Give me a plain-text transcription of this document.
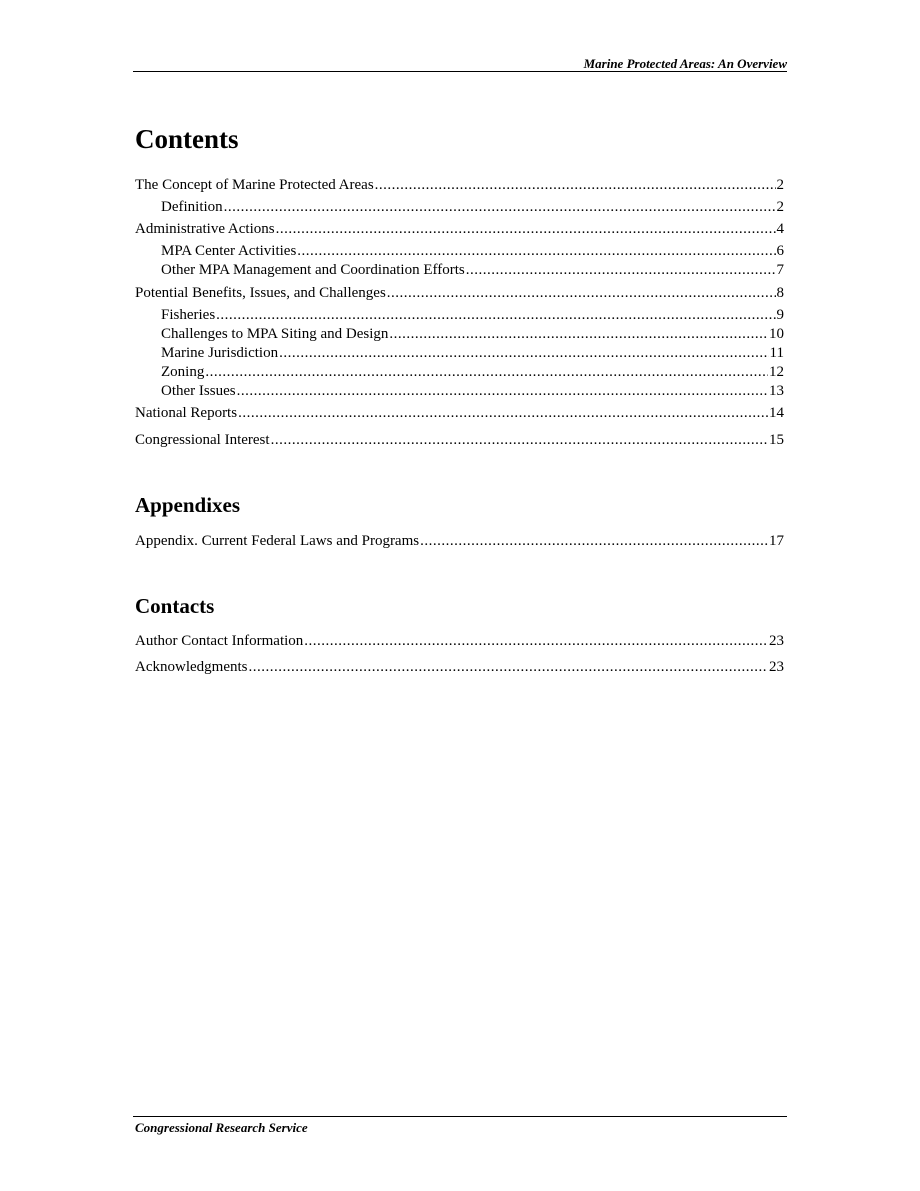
Marine Protected Areas: An Overview
Contents
The Concept of Marine Protected Areas .....	2
Definition .....	2
Administrative Actions .....	4
MPA Center Activities .....	6
Other MPA Management and Coordination Efforts .....	7
Potential Benefits, Issues, and Challenges .....	8
Fisheries .....	9
Challenges to MPA Siting and Design .....	10
Marine Jurisdiction .....	11
Zoning .....	12
Other Issues .....	13
National Reports .....	14
Congressional Interest .....	15
Appendixes
Appendix. Current Federal Laws and Programs .....	17
Contacts
Author Contact Information .....	23
Acknowledgments .....	23
Congressional Research Service
